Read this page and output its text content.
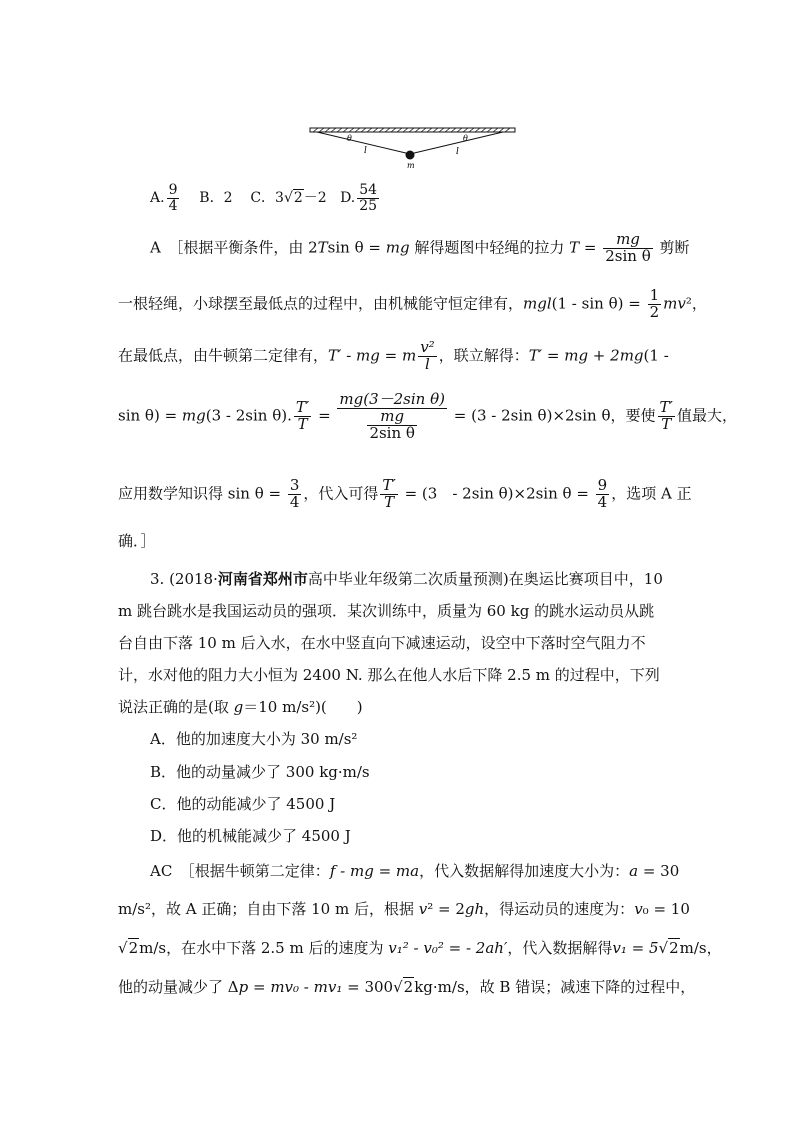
θ	θ
l	l
m
A. $\frac{9}{4}$ B．2 C．3√2－2 D. $\frac{54}{25}$
A　［根据平衡条件，由 2Tsin θ = mg 解得题图中轻绳的拉力 $T = \frac{mg}{\text{2sin θ}}$ 剪断
一根轻绳，小球摆至最低点的过程中，由机械能守恒定律有，$mgl(1 - \sin \theta) = \frac{1}{2} mv^2$，
在最低点，由牛顿第二定律有，T′ - mg = m $\frac{\text{v²}}{l}$ ，联立解得：T′ = mg + 2mg(1 -
sin θ) = mg(3 - 2sin θ). $\frac{T'}{T} = \frac{\text{mg(3－2sin θ)}}{\frac{mg}{\text{2sin θ}}} = (3 - 2\sin$ θ)×2sin θ，要使 $\frac{T'}{T}$ 值最大，
应用数学知识得 $\sin \theta = \frac{3}{4}$ ，代入可得 $\frac{T'}{T} = (3$　- 2sin θ)×2sin $\theta = \frac{9}{4}$ ，选项 A 正
确．］
3. (2018·河南省郑州市高中毕业年级第二次质量预测)在奥运比赛项目中，10
m 跳台跳水是我国运动员的强项．某次训练中，质量为 60 kg 的跳水运动员从跳
台自由下落 10 m 后入水，在水中竖直向下减速运动，设空中下落时空气阻力不
计，水对他的阻力大小恒为 2400 N. 那么在他人水后下降 2.5 m 的过程中，下列
说法正确的是(取 g＝10 m/s²)(　　)
A．他的加速度大小为 30 m/s²
B．他的动量减少了 300 kg·m/s
C．他的动能减少了 4500 J
D．他的机械能减少了 4500 J
AC　［根据牛顿第二定律：f - mg = ma，代入数据解得加速度大小为：a = 30
m/s²，故 A 正确；自由下落 10 m 后，根据 v² = 2gh，得运动员的速度为：v₀ = 10
√2m/s，在水中下落 2.5 m 后的速度为 v₁² - v₀² = - 2ah′，代入数据解得v₁ = 5√2m/s，
他的动量减少了 Δp = mv₀ - mv₁ = 300√2kg·m/s，故 B 错误；减速下降的过程中，
